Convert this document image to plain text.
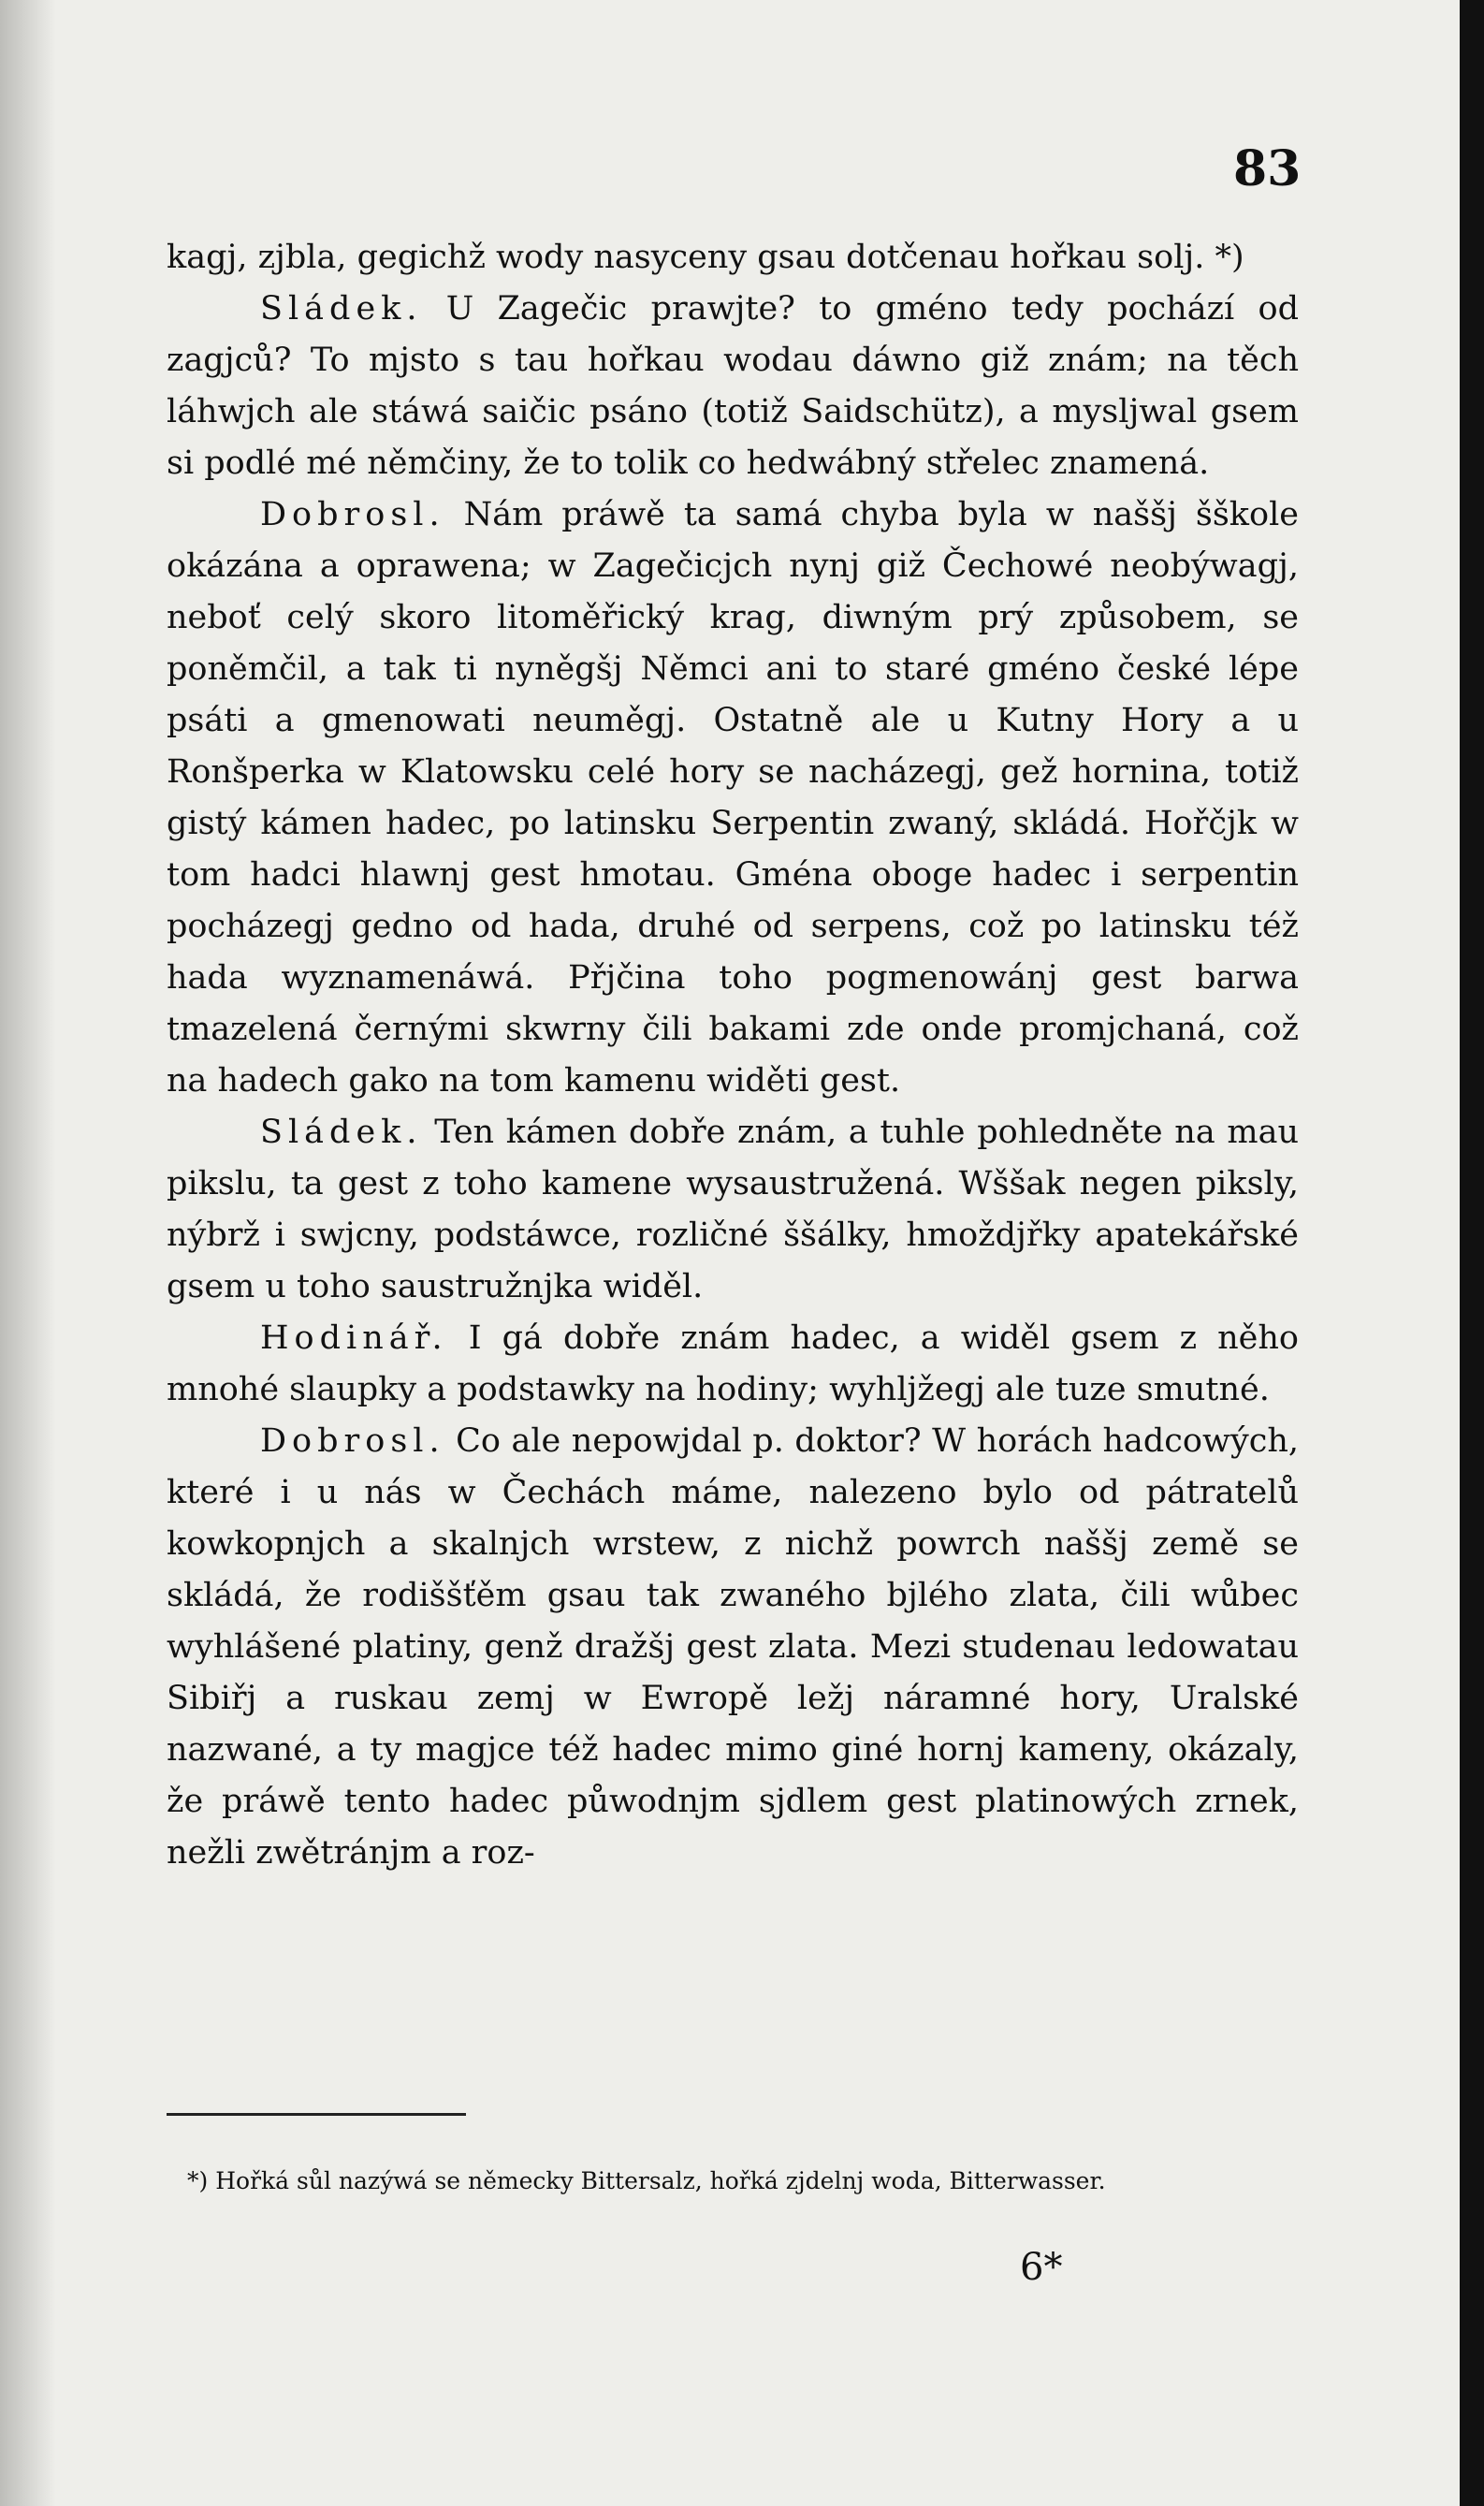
83

kagj, zjbla, gegichž wody nasyceny gsau dotčenau hořkau solj. *)

Sládek. U Zagečic prawjte? to gméno tedy pochází od zagjců? To mjsto s tau hořkau wodau dáwno giž znám; na těch láhwjch ale stáwá saičic psáno (totiž Saidschütz), a mysljwal gsem si podlé mé němčiny, že to tolik co hedwábný střelec znamená.

Dobrosl. Nám práwě ta samá chyba byla w naššj šškole okázána a oprawena; w Zagečicjch nynj giž Čechowé neobýwagj, neboť celý skoro litoměřický krag, diwným prý způsobem, se poněmčil, a tak ti nyněgšj Němci ani to staré gméno české lépe psáti a gmenowati neuměgj. Ostatně ale u Kutny Hory a u Ronšperka w Klatowsku celé hory se nacházegj, gež hornina, totiž gistý kámen hadec, po latinsku Serpentin zwaný, skládá. Hořčjk w tom hadci hlawnj gest hmotau. Gména oboge hadec i serpentin pocházegj gedno od hada, druhé od serpens, což po latinsku též hada wyznamenáwá. Přjčina toho pogmenowánj gest barwa tmazelená černými skwrny čili bakami zde onde promjchaná, což na hadech gako na tom kamenu widěti gest.

Sládek. Ten kámen dobře znám, a tuhle pohledněte na mau pikslu, ta gest z toho kamene wysaustružená. Wššak negen piksly, nýbrž i swjcny, podstáwce, rozličné ššálky, hmoždjřky apatekářské gsem u toho saustružnjka widěl.

Hodinář. I gá dobře znám hadec, a widěl gsem z něho mnohé slaupky a podstawky na hodiny; wyhljžegj ale tuze smutné.

Dobrosl. Co ale nepowjdal p. doktor? W horách hadcowých, které i u nás w Čechách máme, nalezeno bylo od pátratelů kowkopnjch a skalnjch wrstew, z nichž powrch naššj země se skládá, že rodiššťěm gsau tak zwaného bjlého zlata, čili wůbec wyhlášené platiny, genž dražšj gest zlata. Mezi studenau ledowatau Sibiřj a ruskau zemj w Ewropě ležj náramné hory, Uralské nazwané, a ty magjce též hadec mimo giné hornj kameny, okázaly, že práwě tento hadec půwodnjm sjdlem gest platinowých zrnek, nežli zwětránjm a roz-

*) Hořká sůl nazýwá se německy Bittersalz, hořká zjdelnj woda, Bitterwasser.
6*
